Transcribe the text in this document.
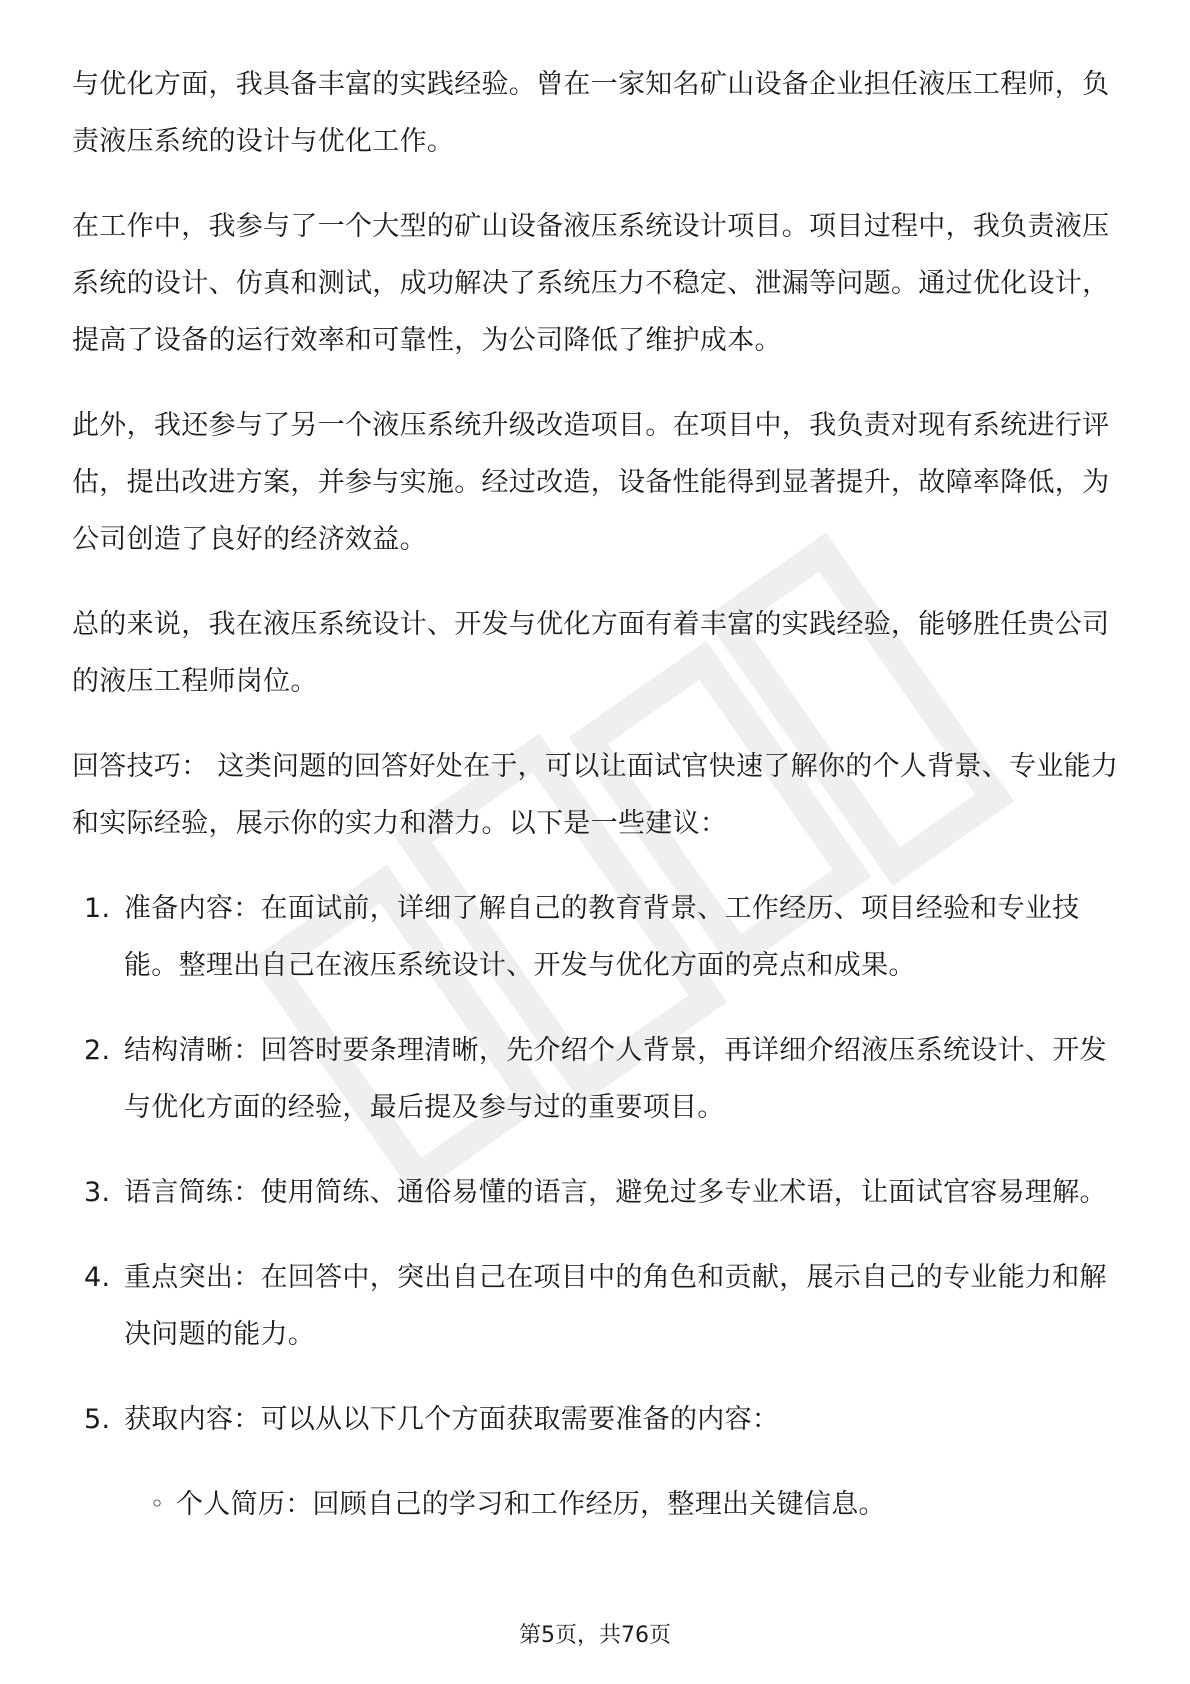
与优化方面，我具备丰富的实践经验。曾在一家知名矿山设备企业担任液压工程师，负责液压系统的设计与优化工作。

在工作中，我参与了一个大型的矿山设备液压系统设计项目。项目过程中，我负责液压系统的设计、仿真和测试，成功解决了系统压力不稳定、泄漏等问题。通过优化设计，提高了设备的运行效率和可靠性，为公司降低了维护成本。

此外，我还参与了另一个液压系统升级改造项目。在项目中，我负责对现有系统进行评估，提出改进方案，并参与实施。经过改造，设备性能得到显著提升，故障率降低，为公司创造了良好的经济效益。

总的来说，我在液压系统设计、开发与优化方面有着丰富的实践经验，能够胜任贵公司的液压工程师岗位。

回答技巧： 这类问题的回答好处在于，可以让面试官快速了解你的个人背景、专业能力和实际经验，展示你的实力和潜力。以下是一些建议：

1. 准备内容：在面试前，详细了解自己的教育背景、工作经历、项目经验和专业技能。整理出自己在液压系统设计、开发与优化方面的亮点和成果。
2. 结构清晰：回答时要条理清晰，先介绍个人背景，再详细介绍液压系统设计、开发与优化方面的经验，最后提及参与过的重要项目。
3. 语言简练：使用简练、通俗易懂的语言，避免过多专业术语，让面试官容易理解。
4. 重点突出：在回答中，突出自己在项目中的角色和贡献，展示自己的专业能力和解决问题的能力。
5. 获取内容：可以从以下几个方面获取需要准备的内容：
◦ 个人简历：回顾自己的学习和工作经历，整理出关键信息。
第5页，共76页
